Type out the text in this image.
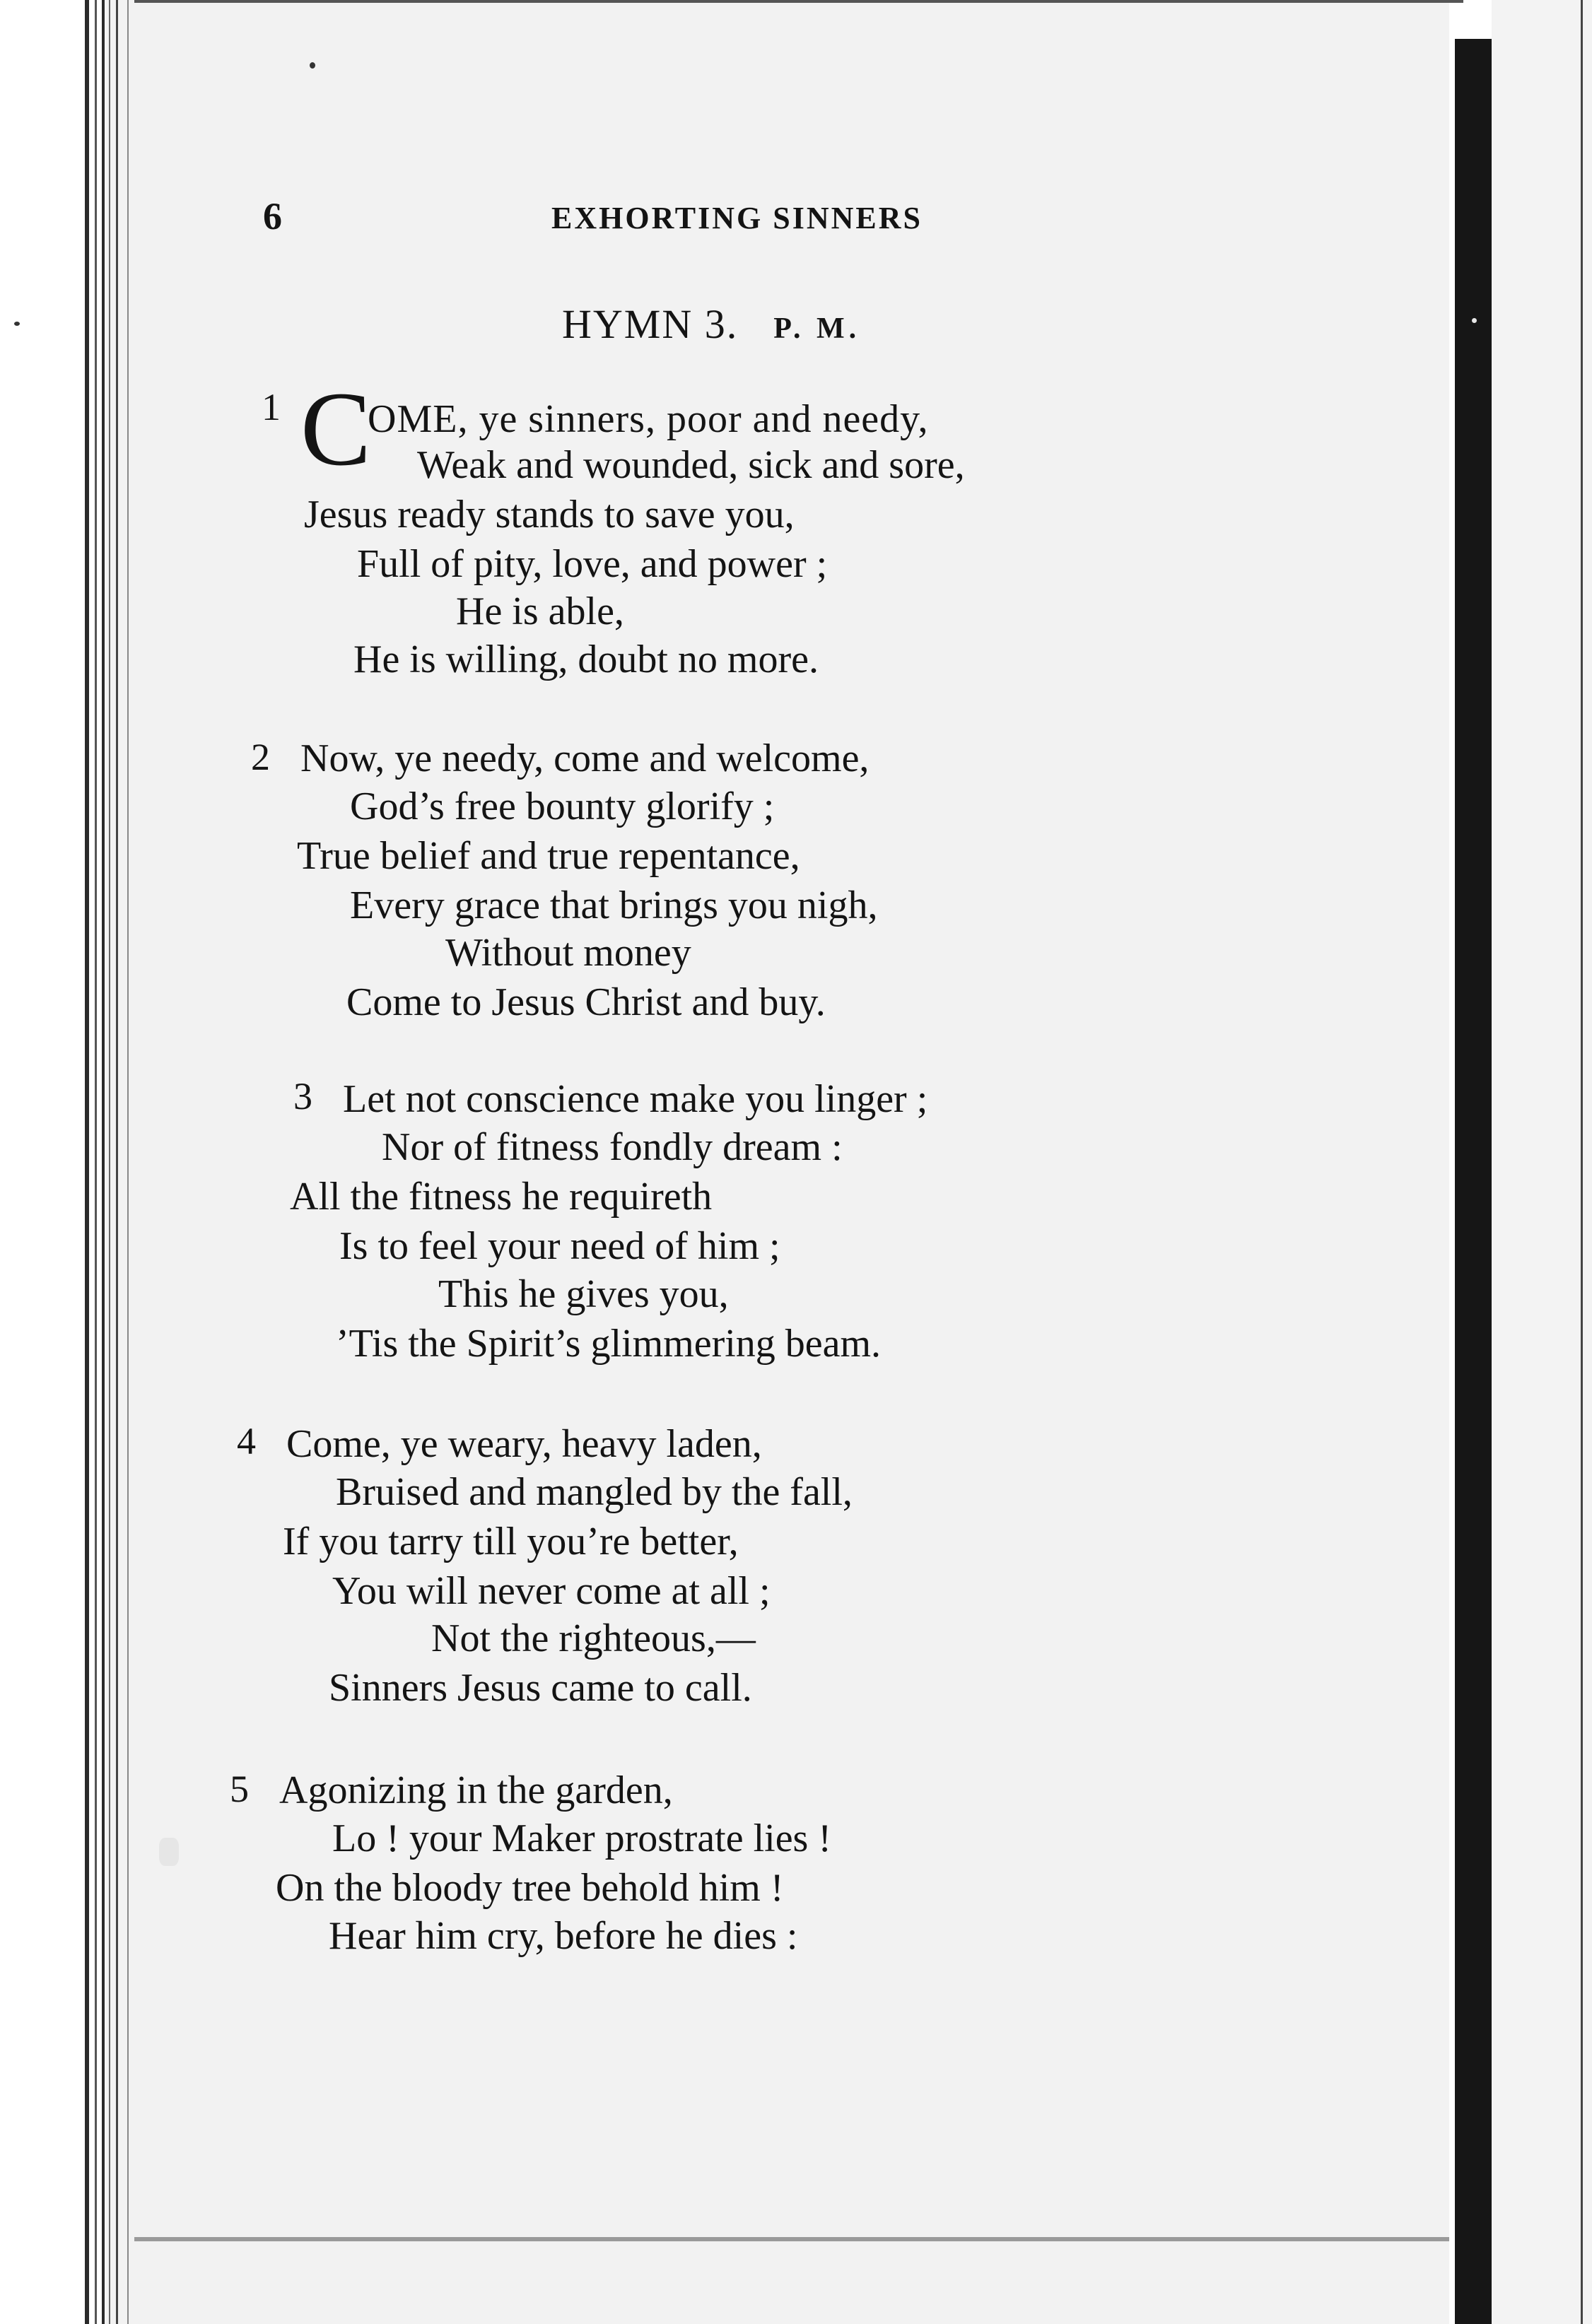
6	EXHORTING SINNERS
HYMN 3. P. M.
1 C
OME, ye sinners, poor and needy,
Weak and wounded, sick and sore,
Jesus ready stands to save you,
Full of pity, love, and power ;
He is able,
He is willing, doubt no more.
2 Now, ye needy, come and welcome,
God’s free bounty glorify ;
True belief and true repentance,
Every grace that brings you nigh,
Without money
Come to Jesus Christ and buy.
3 Let not conscience make you linger ;
Nor of fitness fondly dream :
All the fitness he requireth
Is to feel your need of him ;
This he gives you,
’Tis the Spirit’s glimmering beam.
4 Come, ye weary, heavy laden,
Bruised and mangled by the fall,
If you tarry till you’re better,
You will never come at all ;
Not the righteous,—
Sinners Jesus came to call.
5 Agonizing in the garden,
Lo ! your Maker prostrate lies !
On the bloody tree behold him !
Hear him cry, before he dies :
